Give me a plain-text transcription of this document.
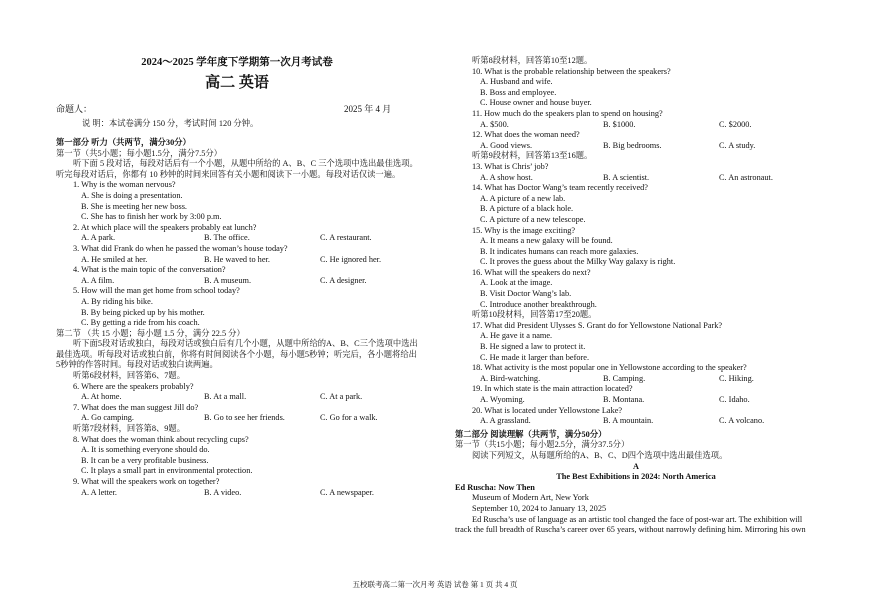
2024～2025 学年度下学期第一次月考试卷
高二 英语
命题人：	2025 年 4 月
说 明：本试卷满分 150 分，考试时间 120 分钟。
第一部分 听力（共两节，满分30分）
第一节（共5小题；每小题1.5分，满分7.5分）
听下面 5 段对话，每段对话后有一个小题，从题中所给的 A、B、C 三个选项中选出最佳选项。
听完每段对话后，你都有 10 秒钟的时间来回答有关小题和阅读下一小题。每段对话仅读一遍。
1. Why is the woman nervous?
A. She is doing a presentation.
B. She is meeting her new boss.
C. She has to finish her work by 3:00 p.m.
2. At which place will the speakers probably eat lunch?
A. A park.	B. The office.	C. A restaurant.
3. What did Frank do when he passed the woman’s house today?
A. He smiled at her.	B. He waved to her.	C. He ignored her.
4. What is the main topic of the conversation?
A. A film.	B. A museum.	C. A designer.
5. How will the man get home from school today?
A. By riding his bike.
B. By being picked up by his mother.
C. By getting a ride from his coach.
第二节 （共 15 小题；每小题 1.5 分，满分 22.5 分）
听下面5段对话或独白，每段对话或独白后有几个小题，从题中所给的A、B、C三个选项中选出
最佳选项。听每段对话或独白前，你将有时间阅读各个小题，每小题5秒钟；听完后，各小题将给出
5秒钟的作答时间。每段对话或独白读两遍。
听第6段材料，回答第6、7题。
6. Where are the speakers probably?
A. At home.	B. At a mall.	C. At a park.
7. What does the man suggest Jill do?
A. Go camping.	B. Go to see her friends.	C. Go for a walk.
听第7段材料，回答第8、9题。
8. What does the woman think about recycling cups?
A. It is something everyone should do.
B. It can be a very profitable business.
C. It plays a small part in environmental protection.
9. What will the speakers work on together?
A. A letter.	B. A video.	C. A newspaper.
听第8段材料，回答第10至12题。
10. What is the probable relationship between the speakers?
A. Husband and wife.
B. Boss and employee.
C. House owner and house buyer.
11. How much do the speakers plan to spend on housing?
A. $500.	B. $1000.	C. $2000.
12. What does the woman need?
A. Good views.	B. Big bedrooms.	C. A study.
听第9段材料，回答第13至16题。
13. What is Chris’ job?
A. A show host.	B. A scientist.	C. An astronaut.
14. What has Doctor Wang’s team recently received?
A. A picture of a new lab.
B. A picture of a black hole.
C. A picture of a new telescope.
15. Why is the image exciting?
A. It means a new galaxy will be found.
B. It indicates humans can reach more galaxies.
C. It proves the guess about the Milky Way galaxy is right.
16. What will the speakers do next?
A. Look at the image.
B. Visit Doctor Wang’s lab.
C. Introduce another breakthrough.
听第10段材料，回答第17至20题。
17. What did President Ulysses S. Grant do for Yellowstone National Park?
A. He gave it a name.
B. He signed a law to protect it.
C. He made it larger than before.
18. What activity is the most popular one in Yellowstone according to the speaker?
A. Bird-watching.	B. Camping.	C. Hiking.
19. In which state is the main attraction located?
A. Wyoming.	B. Montana.	C. Idaho.
20. What is located under Yellowstone Lake?
A. A grassland.	B. A mountain.	C. A volcano.
第二部分 阅读理解（共两节，满分50分）
第一节（共15小题；每小题2.5分，满分37.5分）
阅读下列短文，从每题所给的A、B、C、D四个选项中选出最佳选项。
A
The Best Exhibitions in 2024: North America
Ed Ruscha: Now Then
Museum of Modern Art, New York
September 10, 2024 to January 13, 2025
Ed Ruscha’s use of language as an artistic tool changed the face of post-war art. The exhibition will
track the full breadth of Ruscha’s career over 65 years, without narrowly defining him. Mirroring his own
五校联考高二第一次月考 英语 试卷 第 1 页 共 4 页
